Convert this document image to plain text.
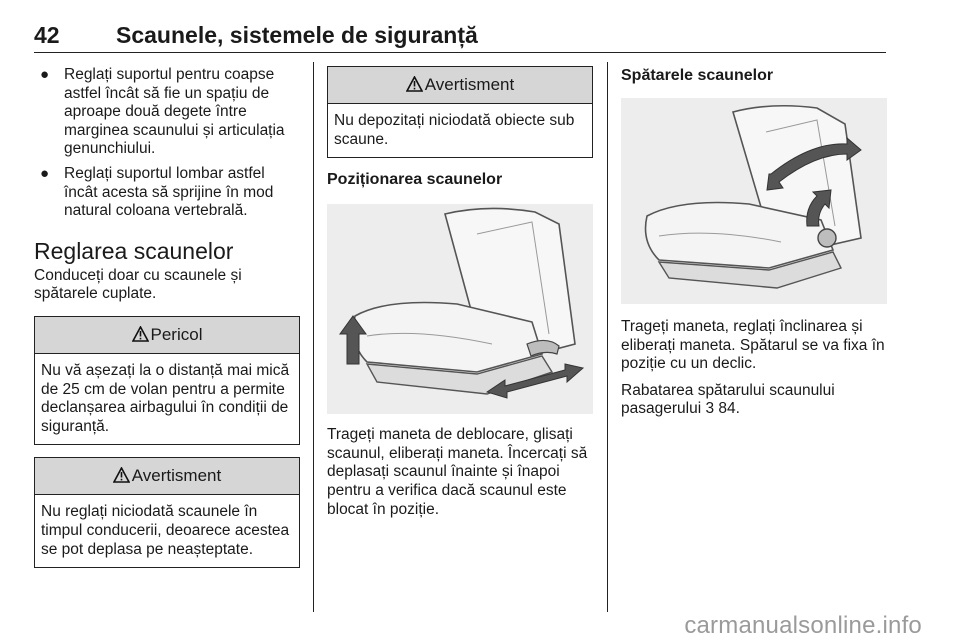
42 Scaunele, sistemele de siguranță
● Reglați suportul pentru coapse astfel încât să fie un spațiu de aproape două degete între marginea scaunului și articulația genunchiului.
● Reglați suportul lombar astfel încât acesta să sprijine în mod natural coloana vertebrală.
Reglarea scaunelor

Conduceți doar cu scaunele și spătarele cuplate.

Pericol
Nu vă așezați la o distanță mai mică de 25 cm de volan pentru a permite declanșarea airbagului în condiții de siguranță.
Avertisment
Nu reglați niciodată scaunele în timpul conducerii, deoarece acestea se pot deplasa pe neașteptate.
Avertisment
Nu depozitați niciodată obiecte sub scaune.
Poziționarea scaunelor

Trageți maneta de deblocare, glisați scaunul, eliberați maneta. Încercați să deplasați scaunul înainte și înapoi pentru a verifica dacă scaunul este blocat în poziție.

Spătarele scaunelor

Trageți maneta, reglați înclinarea și eliberați maneta. Spătarul se va fixa în poziție cu un declic.

Rabatarea spătarului scaunului pasagerului 3 84.

carmanualsonline.info
